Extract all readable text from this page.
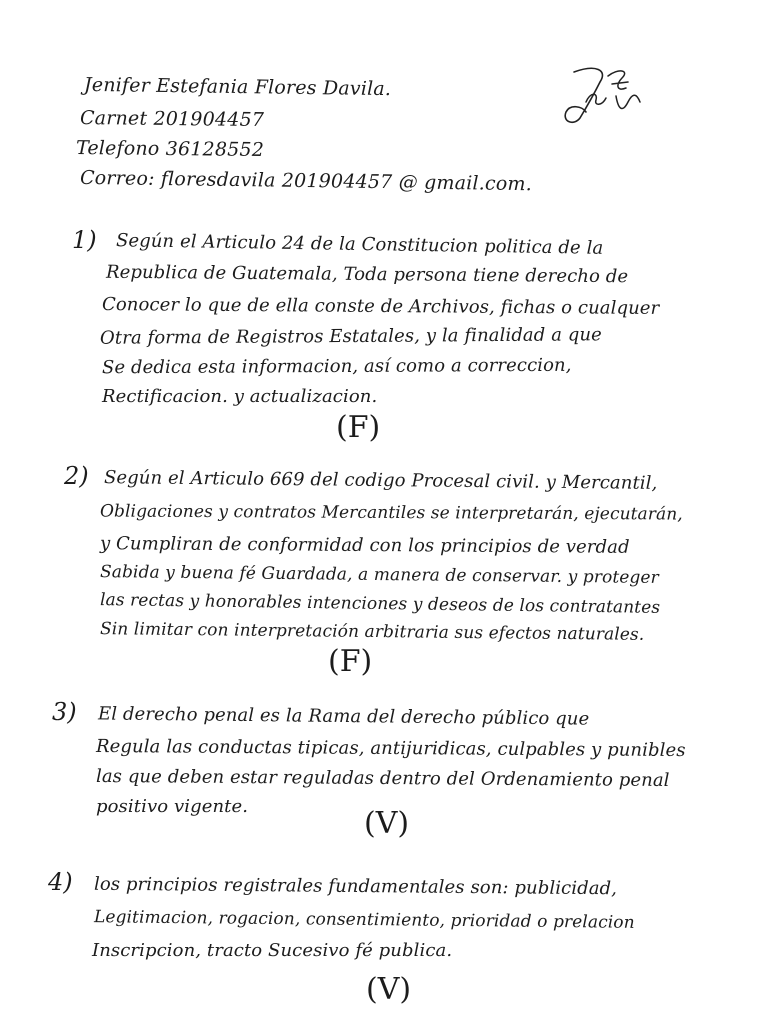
Jenifer Estefania Flores Davila.
Carnet 201904457
Telefono 36128552
Correo: floresdavila 201904457 @ gmail.com.
1) Según el Articulo 24 de la Constitucion politica de la
Republica de Guatemala, Toda persona tiene derecho de
Conocer lo que de ella conste de Archivos, fichas o cualquer
Otra forma de Registros Estatales, y la finalidad a que
Se dedica esta informacion, así como a correccion,
Rectificacion. y actualizacion.
(F)
2) Según el Articulo 669 del codigo Procesal civil. y Mercantil,
Obligaciones y contratos Mercantiles se interpretarán, ejecutarán,
y Cumpliran de conformidad con los principios de verdad
Sabida y buena fé Guardada, a manera de conservar. y proteger
las rectas y honorables intenciones y deseos de los contratantes
Sin limitar con interpretación arbitraria sus efectos naturales.
(F)
3) El derecho penal es la Rama del derecho público que
Regula las conductas tipicas, antijuridicas, culpables y punibles
las que deben estar reguladas dentro del Ordenamiento penal
positivo vigente.	(V)
4) los principios registrales fundamentales son: publicidad,
Legitimacion, rogacion, consentimiento, prioridad o prelacion
Inscripcion, tracto Sucesivo fé publica.
(V)
